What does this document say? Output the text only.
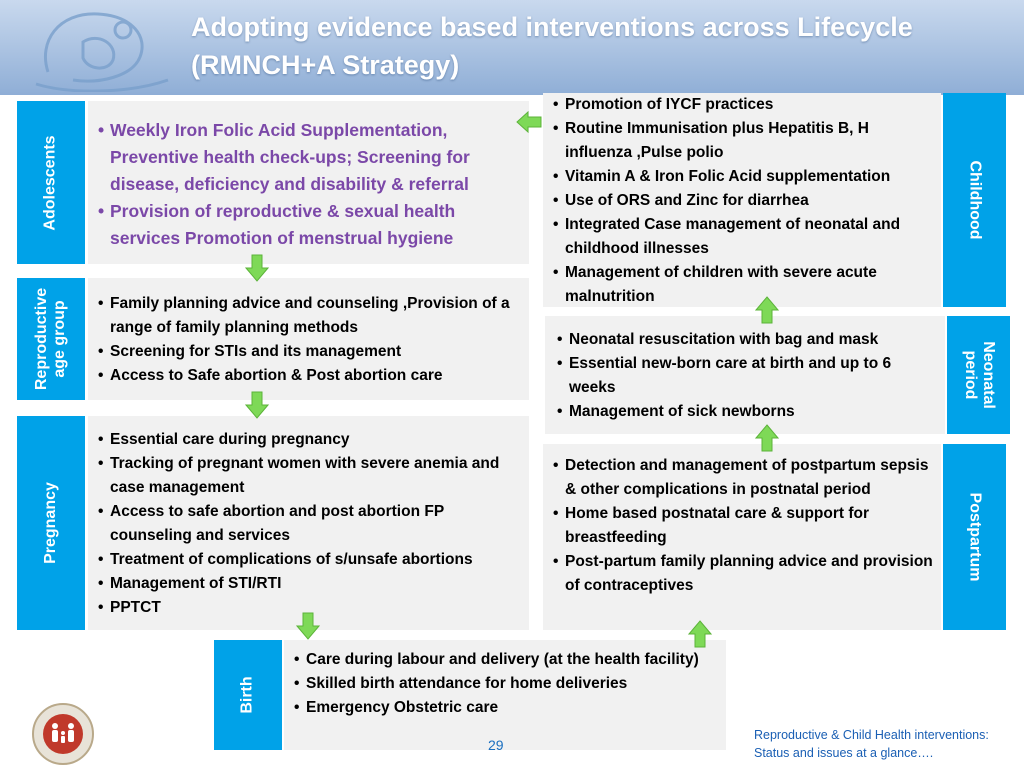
Adopting evidence based interventions across Lifecycle
(RMNCH+A Strategy)
Adolescents
• Weekly Iron Folic Acid Supplementation, Preventive health check-ups; Screening for disease, deficiency and disability & referral
• Provision of reproductive & sexual health services Promotion of menstrual hygiene
Reproductive age group
•	Family planning advice and counseling ,Provision of a range of family planning methods
• Screening for STIs and its management
• Access to Safe abortion & Post abortion care
Pregnancy
• Essential care during pregnancy
• Tracking of pregnant women with severe anemia and case management
• Access to safe abortion and post abortion FP counseling and services
• Treatment of complications of s/unsafe abortions
• Management of STI/RTI
• PPTCT
Birth
• Care during labour and delivery (at the health facility)
• Skilled birth attendance for home deliveries
• Emergency Obstetric care
• Detection and management of postpartum sepsis & other complications in postnatal period
• Home based postnatal care & support for breastfeeding
• Post-partum family planning advice and provision of contraceptives
Postpartum
• Neonatal resuscitation with bag and mask
• Essential new-born care at birth and up to 6 weeks
• Management of sick newborns
Neonatal
period
• Promotion of IYCF practices
• Routine Immunisation plus Hepatitis B, H influenza ,Pulse polio
• Vitamin A & Iron Folic Acid supplementation
• Use of ORS and Zinc for diarrhea
• Integrated Case management of neonatal and childhood illnesses
• Management of children with severe acute malnutrition
Childhood
29
Reproductive & Child Health interventions:
Status and issues at a glance….
